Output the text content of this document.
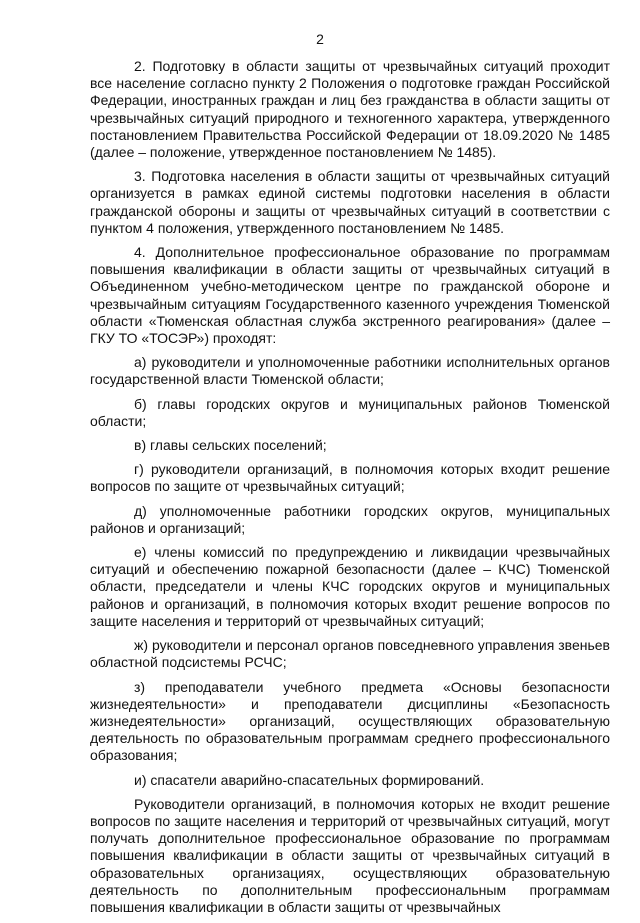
2

2. Подготовку в области защиты от чрезвычайных ситуаций проходит все население согласно пункту 2 Положения о подготовке граждан Российской Федерации, иностранных граждан и лиц без гражданства в области защиты от чрезвычайных ситуаций природного и техногенного характера, утвержденного постановлением Правительства Российской Федерации от 18.09.2020 № 1485 (далее – положение, утвержденное постановлением № 1485).

3. Подготовка населения в области защиты от чрезвычайных ситуаций организуется в рамках единой системы подготовки населения в области гражданской обороны и защиты от чрезвычайных ситуаций в соответствии с пунктом 4 положения, утвержденного постановлением № 1485.

4. Дополнительное профессиональное образование по программам повышения квалификации в области защиты от чрезвычайных ситуаций в Объединенном учебно-методическом центре по гражданской обороне и чрезвычайным ситуациям Государственного казенного учреждения Тюменской области «Тюменская областная служба экстренного реагирования» (далее – ГКУ ТО «ТОСЭР») проходят:

а) руководители и уполномоченные работники исполнительных органов государственной власти Тюменской области;

б) главы городских округов и муниципальных районов Тюменской области;

в) главы сельских поселений;

г) руководители организаций, в полномочия которых входит решение вопросов по защите от чрезвычайных ситуаций;

д) уполномоченные работники городских округов, муниципальных районов и организаций;

е) члены комиссий по предупреждению и ликвидации чрезвычайных ситуаций и обеспечению пожарной безопасности (далее – КЧС) Тюменской области, председатели и члены КЧС городских округов и муниципальных районов и организаций, в полномочия которых входит решение вопросов по защите населения и территорий от чрезвычайных ситуаций;

ж) руководители и персонал органов повседневного управления звеньев областной подсистемы РСЧС;

з) преподаватели учебного предмета «Основы безопасности жизнедеятельности» и преподаватели дисциплины «Безопасность жизнедеятельности» организаций, осуществляющих образовательную деятельность по образовательным программам среднего профессионального образования;

и) спасатели аварийно-спасательных формирований.

Руководители организаций, в полномочия которых не входит решение вопросов по защите населения и территорий от чрезвычайных ситуаций, могут получать дополнительное профессиональное образование по программам повышения квалификации в области защиты от чрезвычайных ситуаций в образовательных организациях, осуществляющих образовательную деятельность по дополнительным профессиональным программам повышения квалификации в области защиты от чрезвычайных
